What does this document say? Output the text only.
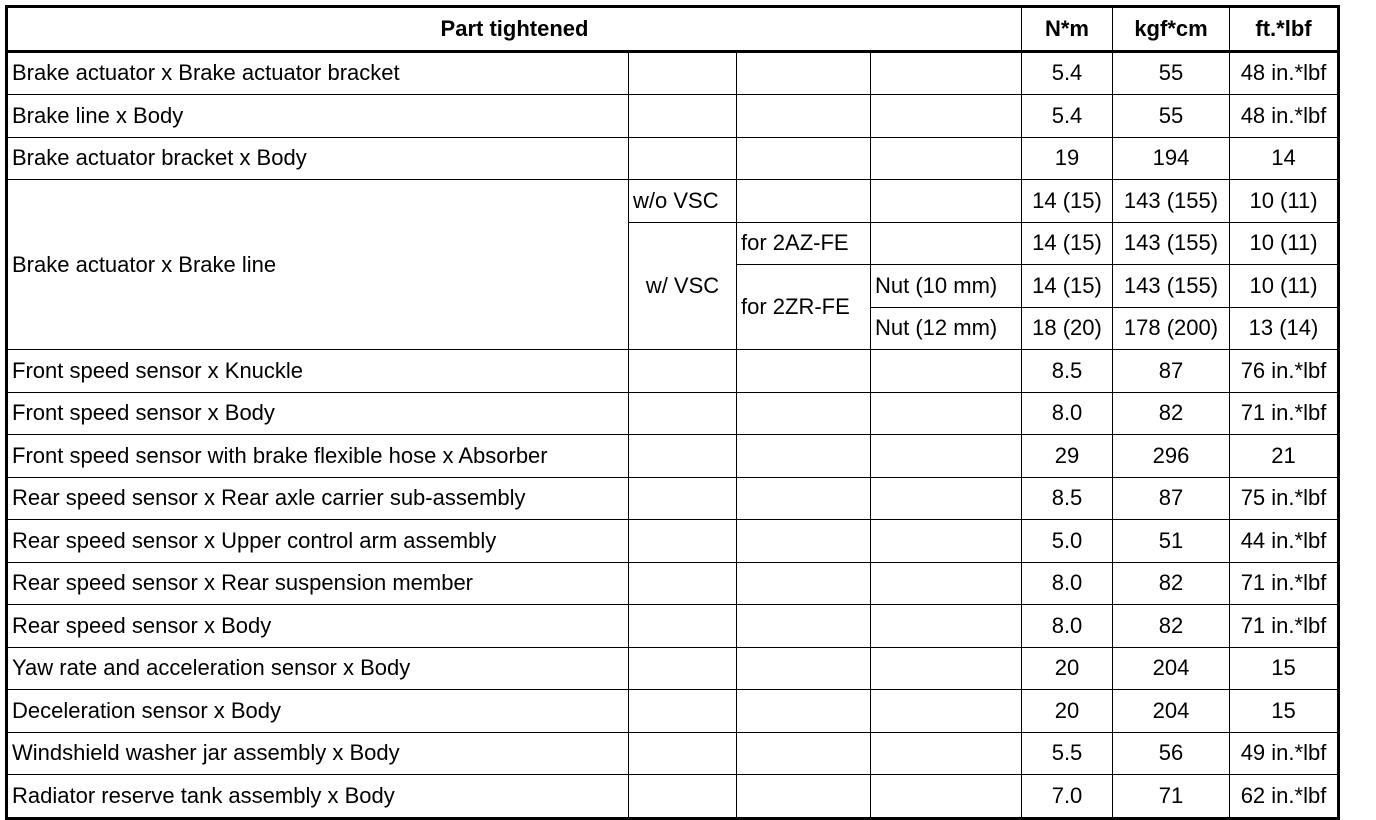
Part tightened				N*m	kgf*cm	ft.*lbf
Brake actuator x Brake actuator bracket				5.4	55	48 in.*lbf
Brake line x Body				5.4	55	48 in.*lbf
Brake actuator bracket x Body				19	194	14
Brake actuator x Brake line	w/o VSC			14 (15)	143 (155)	10 (11)
	w/ VSC	for 2AZ-FE		14 (15)	143 (155)	10 (11)
		for 2ZR-FE	Nut (10 mm)	14 (15)	143 (155)	10 (11)
			Nut (12 mm)	18 (20)	178 (200)	13 (14)
Front speed sensor x Knuckle				8.5	87	76 in.*lbf
Front speed sensor x Body				8.0	82	71 in.*lbf
Front speed sensor with brake flexible hose x Absorber				29	296	21
Rear speed sensor x Rear axle carrier sub-assembly				8.5	87	75 in.*lbf
Rear speed sensor x Upper control arm assembly				5.0	51	44 in.*lbf
Rear speed sensor x Rear suspension member				8.0	82	71 in.*lbf
Rear speed sensor x Body				8.0	82	71 in.*lbf
Yaw rate and acceleration sensor x Body				20	204	15
Deceleration sensor x Body				20	204	15
Windshield washer jar assembly x Body				5.5	56	49 in.*lbf
Radiator reserve tank assembly x Body				7.0	71	62 in.*lbf
